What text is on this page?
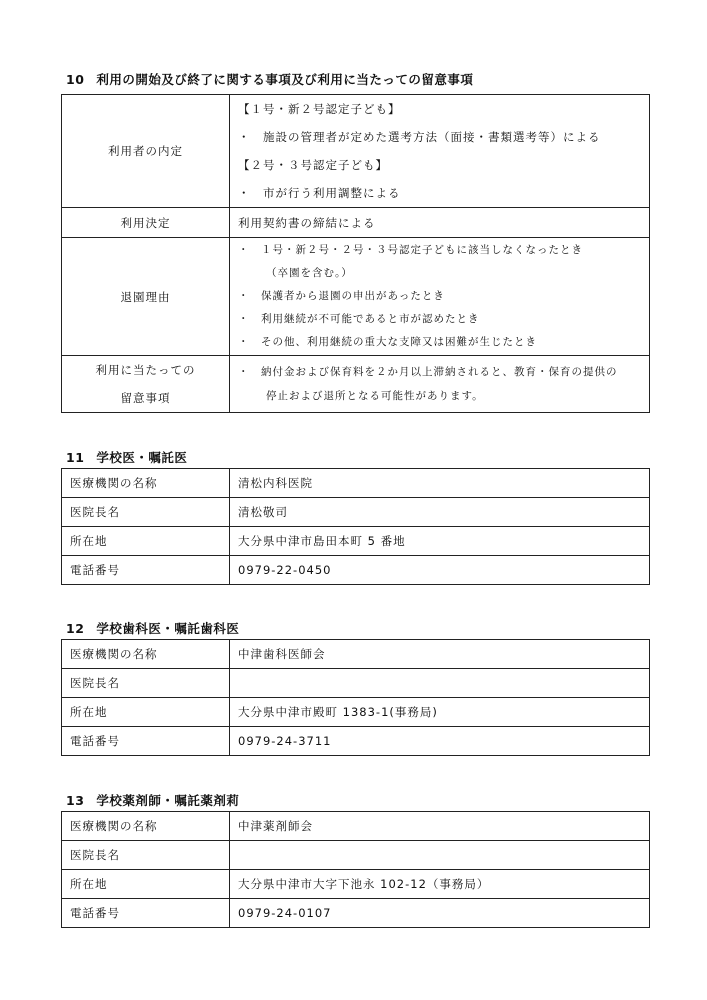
10 利用の開始及び終了に関する事項及び利用に当たっての留意事項
利用者の内定	【１号・新２号認定子ども】
・　施設の管理者が定めた選考方法（面接・書類選考等）による
【２号・３号認定子ども】
・　市が行う利用調整による

利用決定	利用契約書の締結による
退園理由	・　１号・新２号・２号・３号認定子どもに該当しなくなったとき
（卒園を含む。）
・　保護者から退園の申出があったとき
・　利用継続が不可能であると市が認めたとき
・　その他、利用継続の重大な支障又は困難が生じたとき

利用に当たっての
留意事項	・　納付金および保育料を２か月以上滞納されると、教育・保育の提供の
停止および退所となる可能性があります。
11 学校医・嘱託医
医療機関の名称	清松内科医院
医院長名	清松敬司
所在地	大分県中津市島田本町 5 番地
電話番号	0979-22-0450
12 学校歯科医・嘱託歯科医
医療機関の名称	中津歯科医師会
医院長名	
所在地	大分県中津市殿町 1383-1(事務局)
電話番号	0979-24-3711
13 学校薬剤師・嘱託薬剤莉
医療機関の名称	中津薬剤師会
医院長名	
所在地	大分県中津市大字下池永 102-12（事務局）
電話番号	0979-24-0107
